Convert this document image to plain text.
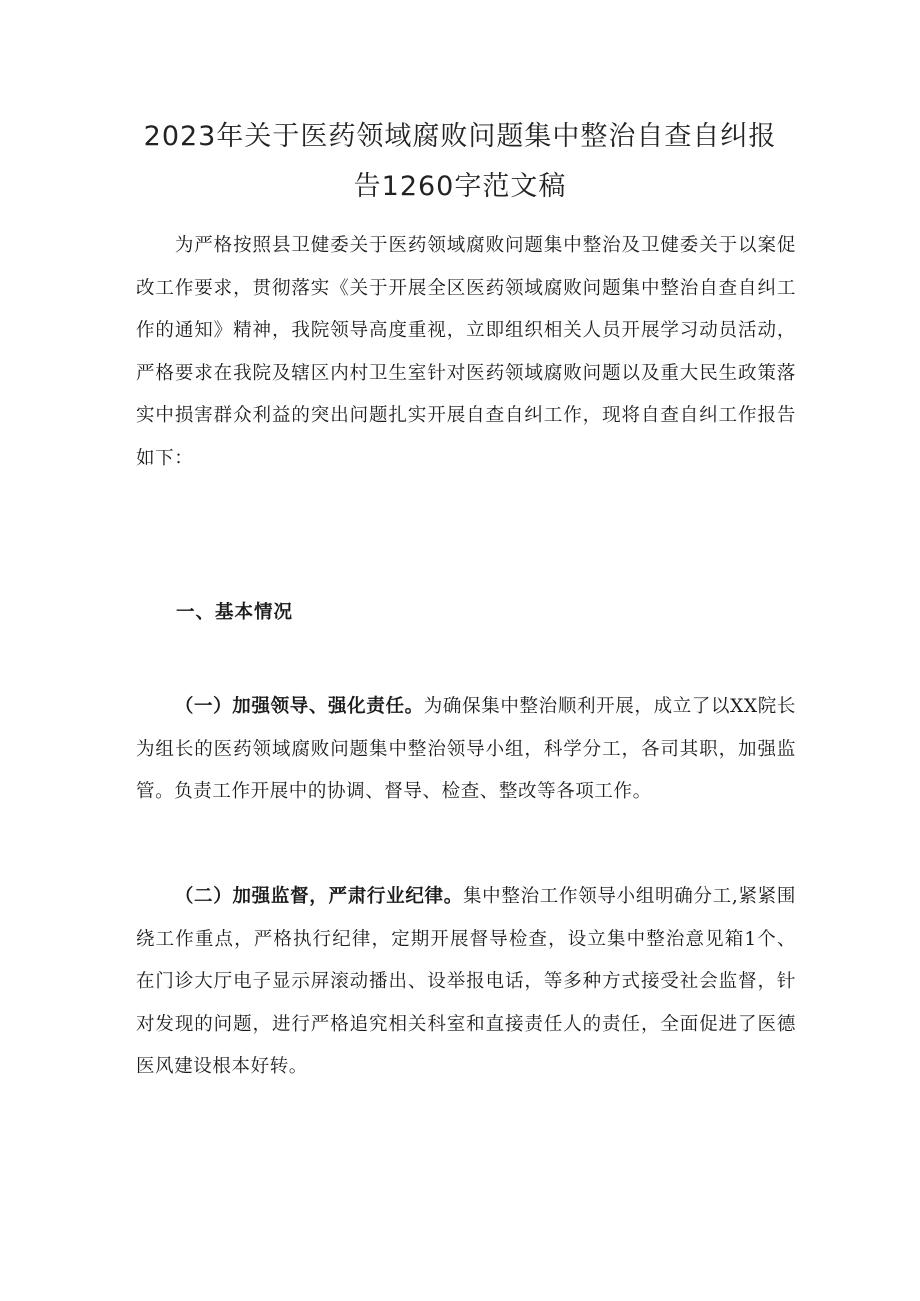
2023年关于医药领域腐败问题集中整治自查自纠报
告1260字范文稿

为严格按照县卫健委关于医药领域腐败问题集中整治及卫健委关于以案促改工作要求，贯彻落实《关于开展全区医药领域腐败问题集中整治自查自纠工作的通知》精神，我院领导高度重视，立即组织相关人员开展学习动员活动，严格要求在我院及辖区内村卫生室针对医药领域腐败问题以及重大民生政策落实中损害群众利益的突出问题扎实开展自查自纠工作，现将自查自纠工作报告如下：

一、基本情况

（一）加强领导、强化责任。为确保集中整治顺利开展，成立了以XX院长为组长的医药领域腐败问题集中整治领导小组，科学分工，各司其职，加强监管。负责工作开展中的协调、督导、检查、整改等各项工作。

（二）加强监督，严肃行业纪律。集中整治工作领导小组明确分工,紧紧围绕工作重点，严格执行纪律，定期开展督导检查，设立集中整治意见箱1个、在门诊大厅电子显示屏滚动播出、设举报电话，等多种方式接受社会监督，针对发现的问题，进行严格追究相关科室和直接责任人的责任，全面促进了医德医风建设根本好转。
